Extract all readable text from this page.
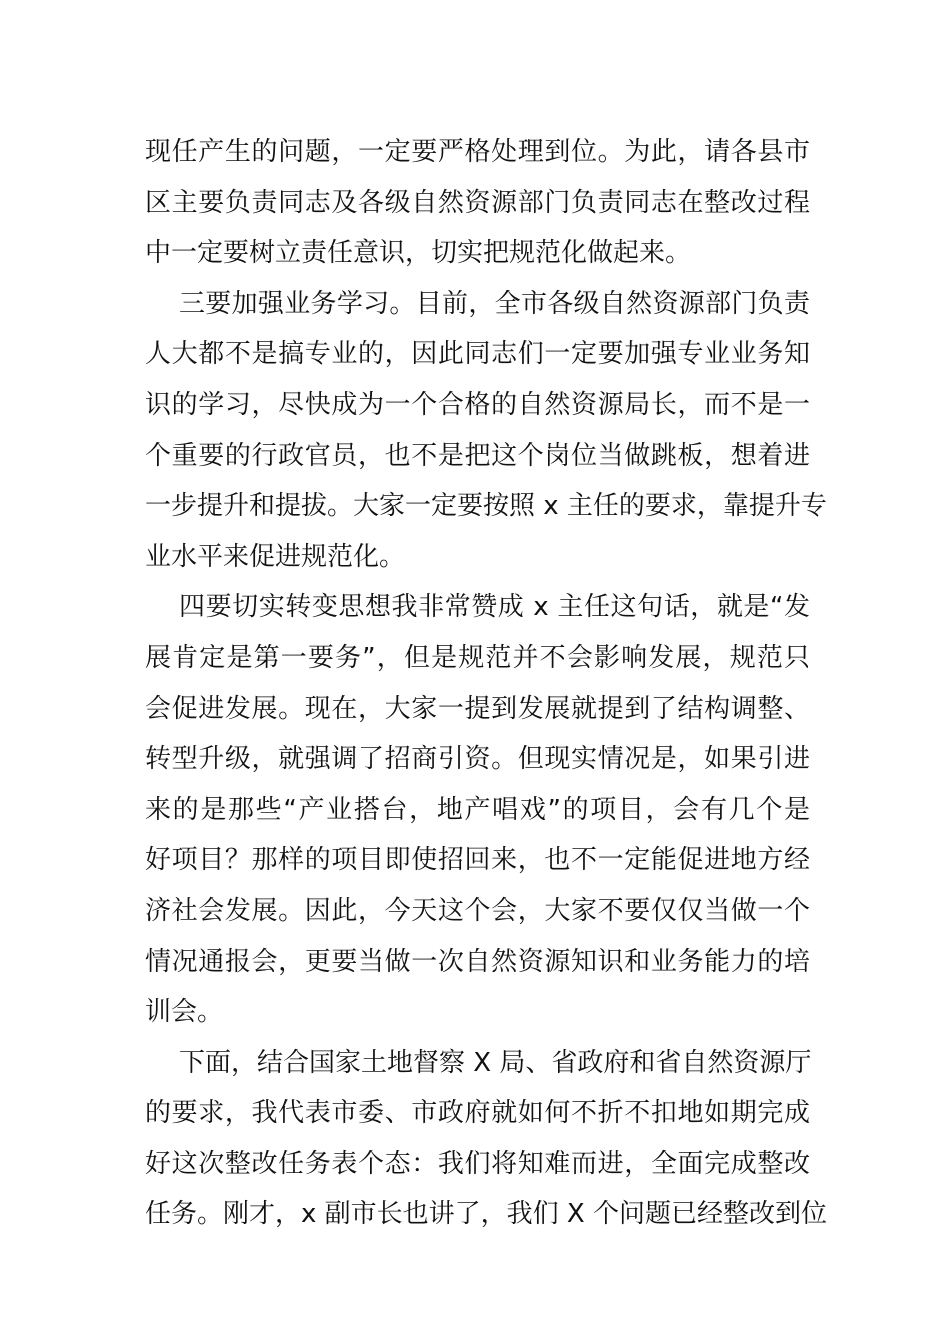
现任产生的问题，一定要严格处理到位。为此，请各县市
区主要负责同志及各级自然资源部门负责同志在整改过程
中一定要树立责任意识，切实把规范化做起来。
三要加强业务学习。目前，全市各级自然资源部门负责
人大都不是搞专业的，因此同志们一定要加强专业业务知
识的学习，尽快成为一个合格的自然资源局长，而不是一
个重要的行政官员，也不是把这个岗位当做跳板，想着进
一步提升和提拔。大家一定要按照 x 主任的要求，靠提升专
业水平来促进规范化。
四要切实转变思想我非常赞成 x 主任这句话，就是“发
展肯定是第一要务”，但是规范并不会影响发展，规范只
会促进发展。现在，大家一提到发展就提到了结构调整、
转型升级，就强调了招商引资。但现实情况是，如果引进
来的是那些“产业搭台，地产唱戏”的项目，会有几个是
好项目？那样的项目即使招回来，也不一定能促进地方经
济社会发展。因此，今天这个会，大家不要仅仅当做一个
情况通报会，更要当做一次自然资源知识和业务能力的培
训会。
下面，结合国家土地督察 X 局、省政府和省自然资源厅
的要求，我代表市委、市政府就如何不折不扣地如期完成
好这次整改任务表个态：我们将知难而进，全面完成整改
任务。刚才，x 副市长也讲了，我们 X 个问题已经整改到位
